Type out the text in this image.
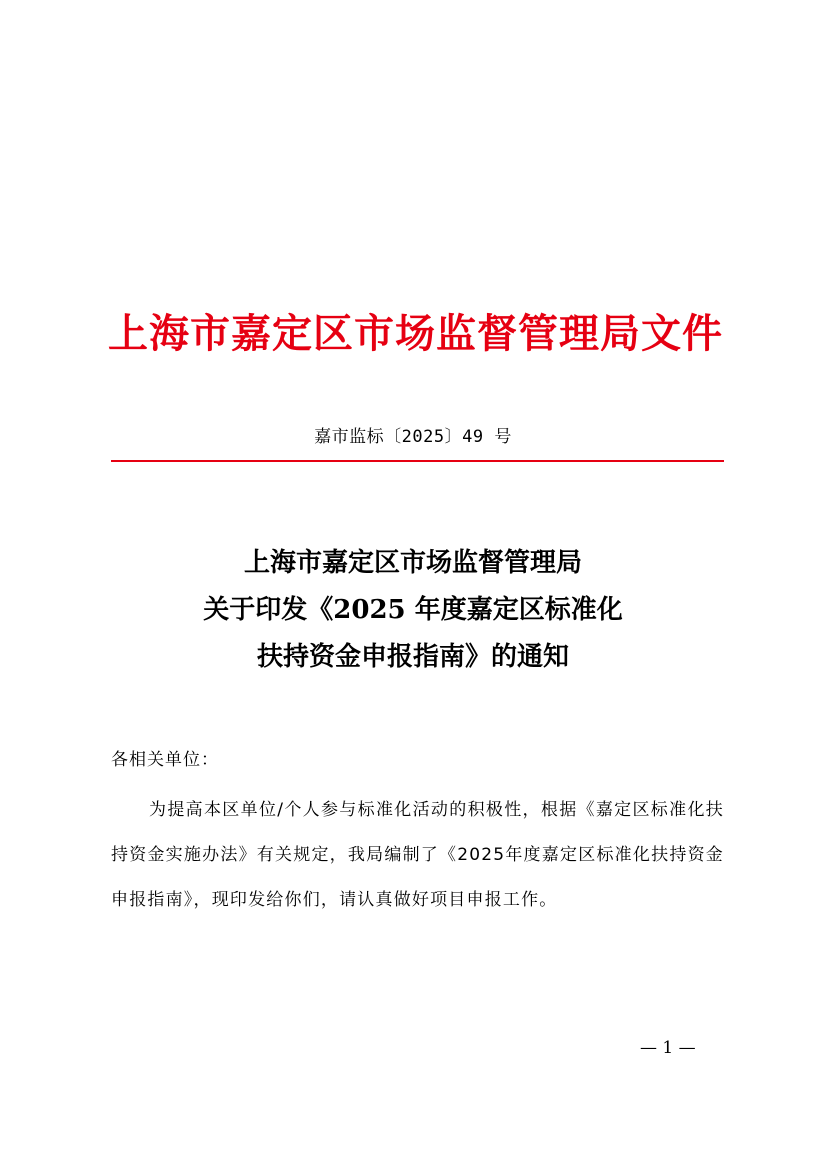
上海市嘉定区市场监督管理局文件
嘉市监标〔2025〕49 号
上海市嘉定区市场监督管理局
关于印发《2025 年度嘉定区标准化
扶持资金申报指南》的通知
各相关单位：
为提高本区单位/个人参与标准化活动的积极性，根据《嘉定区标准化扶持资金实施办法》有关规定，我局编制了《2025年度嘉定区标准化扶持资金申报指南》，现印发给你们，请认真做好项目申报工作。
— 1 —
